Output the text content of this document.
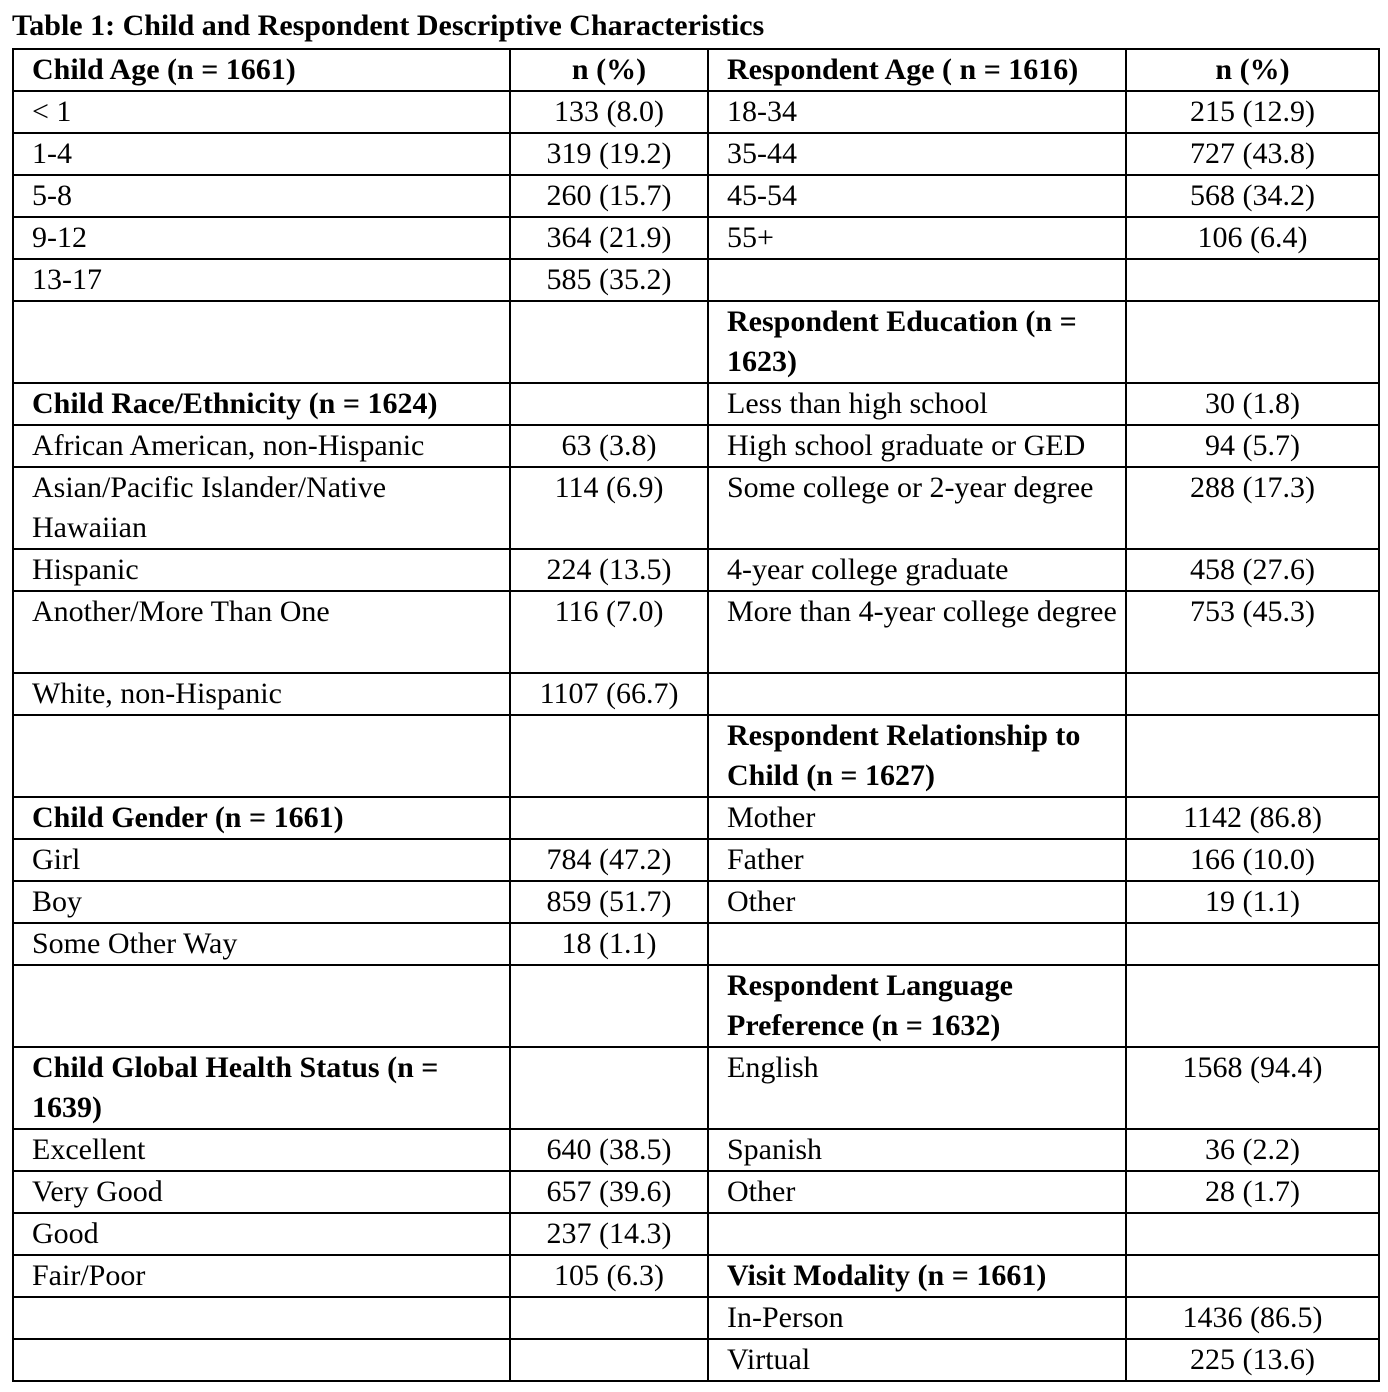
Table 1: Child and Respondent Descriptive Characteristics
Child Age (n = 1661)	n (%)	Respondent Age ( n = 1616)	n (%)
< 1	133 (8.0)	18-34	215 (12.9)
1-4	319 (19.2)	35-44	727 (43.8)
5-8	260 (15.7)	45-54	568 (34.2)
9-12	364 (21.9)	55+	106 (6.4)
13-17	585 (35.2)		
		Respondent Education (n = 1623)	
Child Race/Ethnicity (n = 1624)		Less than high school	30 (1.8)
African American, non-Hispanic	63 (3.8)	High school graduate or GED	94 (5.7)
Asian/Pacific Islander/Native Hawaiian	114 (6.9)	Some college or 2-year degree	288 (17.3)
Hispanic	224 (13.5)	4-year college graduate	458 (27.6)
Another/More Than One	116 (7.0)	More than 4-year college degree	753 (45.3)
White, non-Hispanic	1107 (66.7)		
		Respondent Relationship to Child (n = 1627)	
Child Gender (n = 1661)		Mother	1142 (86.8)
Girl	784 (47.2)	Father	166 (10.0)
Boy	859 (51.7)	Other	19 (1.1)
Some Other Way	18 (1.1)		
		Respondent Language Preference (n = 1632)	
Child Global Health Status (n = 1639)		English	1568 (94.4)
Excellent	640 (38.5)	Spanish	36 (2.2)
Very Good	657 (39.6)	Other	28 (1.7)
Good	237 (14.3)		
Fair/Poor	105 (6.3)	Visit Modality (n = 1661)	
		In-Person	1436 (86.5)
		Virtual	225 (13.6)
